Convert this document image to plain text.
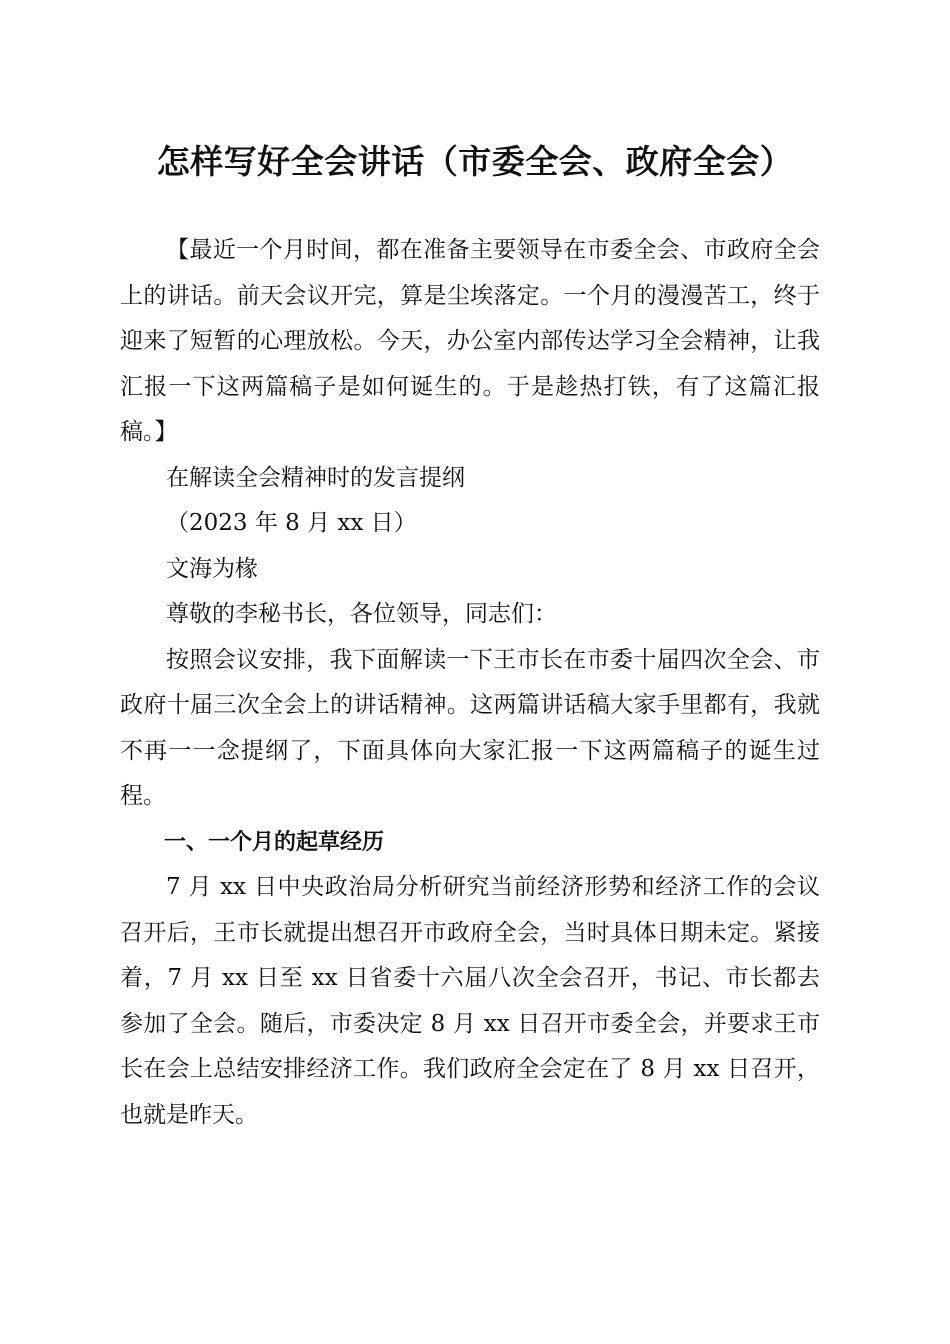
怎样写好全会讲话（市委全会、政府全会）

【最近一个月时间，都在准备主要领导在市委全会、市政府全会上的讲话。前天会议开完，算是尘埃落定。一个月的漫漫苦工，终于迎来了短暂的心理放松。今天，办公室内部传达学习全会精神，让我汇报一下这两篇稿子是如何诞生的。于是趁热打铁，有了这篇汇报稿。】

在解读全会精神时的发言提纲

（2023 年 8 月 xx 日）

文海为椽

尊敬的李秘书长，各位领导，同志们：

按照会议安排，我下面解读一下王市长在市委十届四次全会、市政府十届三次全会上的讲话精神。这两篇讲话稿大家手里都有，我就不再一一念提纲了，下面具体向大家汇报一下这两篇稿子的诞生过程。

一、一个月的起草经历

7 月 xx 日中央政治局分析研究当前经济形势和经济工作的会议召开后，王市长就提出想召开市政府全会，当时具体日期未定。紧接着，7 月 xx 日至 xx 日省委十六届八次全会召开，书记、市长都去参加了全会。随后，市委决定 8 月 xx 日召开市委全会，并要求王市长在会上总结安排经济工作。我们政府全会定在了 8 月 xx 日召开，也就是昨天。
